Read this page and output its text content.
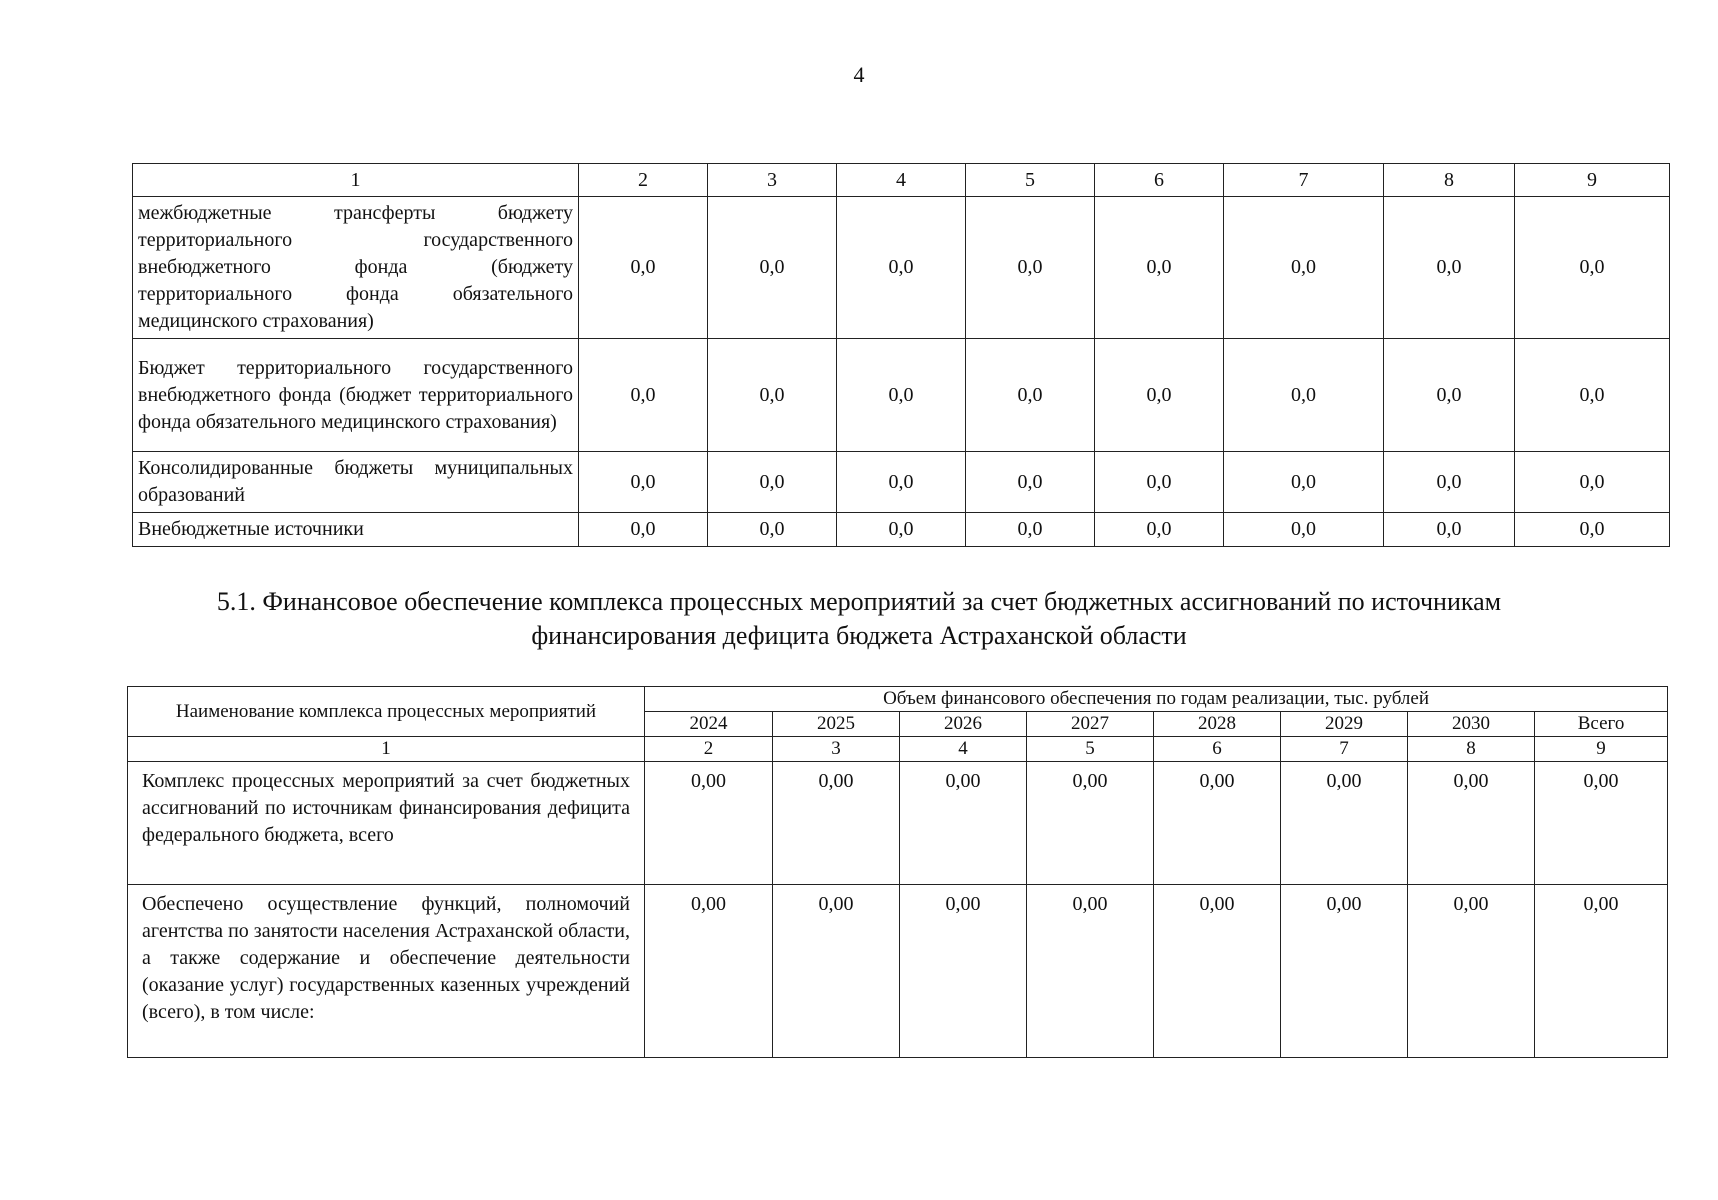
4
1	2	3	4	5	6	7	8	9
межбюджетные трансферты бюджету территориального государственного внебюджетного фонда (бюджету территориального фонда обязательного медицинского страхования)	0,0	0,0	0,0	0,0	0,0	0,0	0,0	0,0
Бюджет территориального государственного внебюджетного фонда (бюджет территориального фонда обязательного медицинского страхования)	0,0	0,0	0,0	0,0	0,0	0,0	0,0	0,0
Консолидированные бюджеты муниципальных образований	0,0	0,0	0,0	0,0	0,0	0,0	0,0	0,0
Внебюджетные источники	0,0	0,0	0,0	0,0	0,0	0,0	0,0	0,0
5.1. Финансовое обеспечение комплекса процессных мероприятий за счет бюджетных ассигнований по источникам финансирования дефицита бюджета Астраханской области
Наименование комплекса процессных мероприятий	Объем финансового обеспечения по годам реализации, тыс. рублей							
	2024	2025	2026	2027	2028	2029	2030	Всего
1	2	3	4	5	6	7	8	9
Комплекс процессных мероприятий за счет бюджетных ассигнований по источникам финансирования дефицита федерального бюджета, всего	0,00	0,00	0,00	0,00	0,00	0,00	0,00	0,00
Обеспечено осуществление функций, полномочий агентства по занятости населения Астраханской области, а также содержание и обеспечение деятельности (оказание услуг) государственных казенных учреждений (всего), в том числе:	0,00	0,00	0,00	0,00	0,00	0,00	0,00	0,00
